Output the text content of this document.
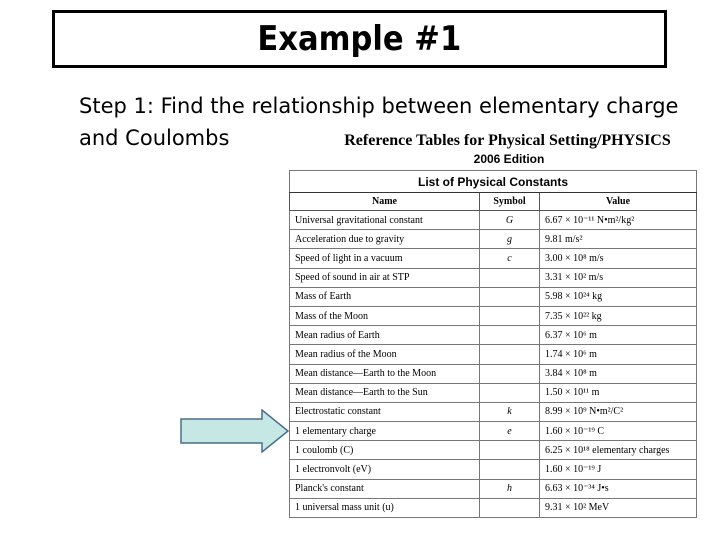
Example #1
Step 1: Find the relationship between elementary charge and Coulombs	Reference Tables for Physical Setting/PHYSICS
2006 Edition
List of Physical Constants		
Name	Symbol	Value
Universal gravitational constant	G	6.67 × 10⁻¹¹ N•m²/kg²
Acceleration due to gravity	g	9.81 m/s²
Speed of light in a vacuum	c	3.00 × 10⁸ m/s
Speed of sound in air at STP		3.31 × 10² m/s
Mass of Earth		5.98 × 10²⁴ kg
Mass of the Moon		7.35 × 10²² kg
Mean radius of Earth		6.37 × 10⁶ m
Mean radius of the Moon		1.74 × 10⁶ m
Mean distance—Earth to the Moon		3.84 × 10⁸ m
Mean distance—Earth to the Sun		1.50 × 10¹¹ m
Electrostatic constant	k	8.99 × 10⁹ N•m²/C²
1 elementary charge	e	1.60 × 10⁻¹⁹ C
1 coulomb (C)		6.25 × 10¹⁸ elementary charges
1 electronvolt (eV)		1.60 × 10⁻¹⁹ J
Planck's constant	h	6.63 × 10⁻³⁴ J•s
1 universal mass unit (u)		9.31 × 10² MeV
